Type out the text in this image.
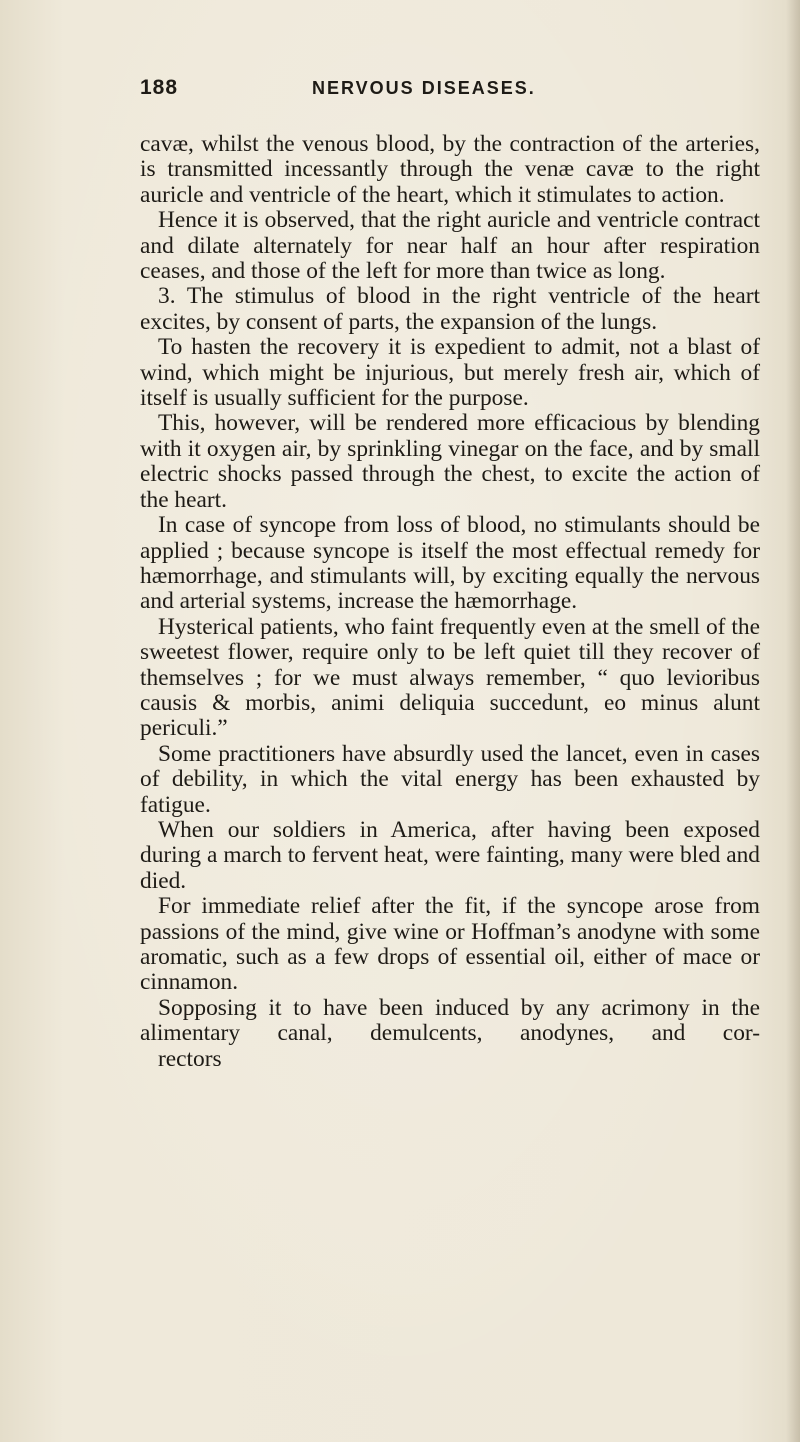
188	NERVOUS DISEASES.

cavæ, whilst the venous blood, by the contraction of the arteries, is transmitted incessantly through the venæ cavæ to the right auricle and ventricle of the heart, which it stimulates to action.

Hence it is observed, that the right auricle and ventricle contract and dilate alternately for near half an hour after respiration ceases, and those of the left for more than twice as long.

3. The stimulus of blood in the right ventricle of the heart excites, by consent of parts, the expansion of the lungs.

To hasten the recovery it is expedient to admit, not a blast of wind, which might be injurious, but merely fresh air, which of itself is usually sufficient for the purpose.

This, however, will be rendered more efficacious by blending with it oxygen air, by sprinkling vinegar on the face, and by small electric shocks passed through the chest, to excite the action of the heart.

In case of syncope from loss of blood, no stimulants should be applied ; because syncope is itself the most effectual remedy for hæmorrhage, and stimulants will, by exciting equally the nervous and arterial systems, increase the hæmorrhage.

Hysterical patients, who faint frequently even at the smell of the sweetest flower, require only to be left quiet till they recover of themselves ; for we must always remember, “ quo levioribus causis & morbis, animi deliquia succedunt, eo minus alunt periculi.”

Some practitioners have absurdly used the lancet, even in cases of debility, in which the vital energy has been exhausted by fatigue.

When our soldiers in America, after having been exposed during a march to fervent heat, were fainting, many were bled and died.

For immediate relief after the fit, if the syncope arose from passions of the mind, give wine or Hoffman’s anodyne with some aromatic, such as a few drops of essential oil, either of mace or cinnamon.

Sopposing it to have been induced by any acrimony in the alimentary canal, demulcents, anodynes, and cor-

rectors
